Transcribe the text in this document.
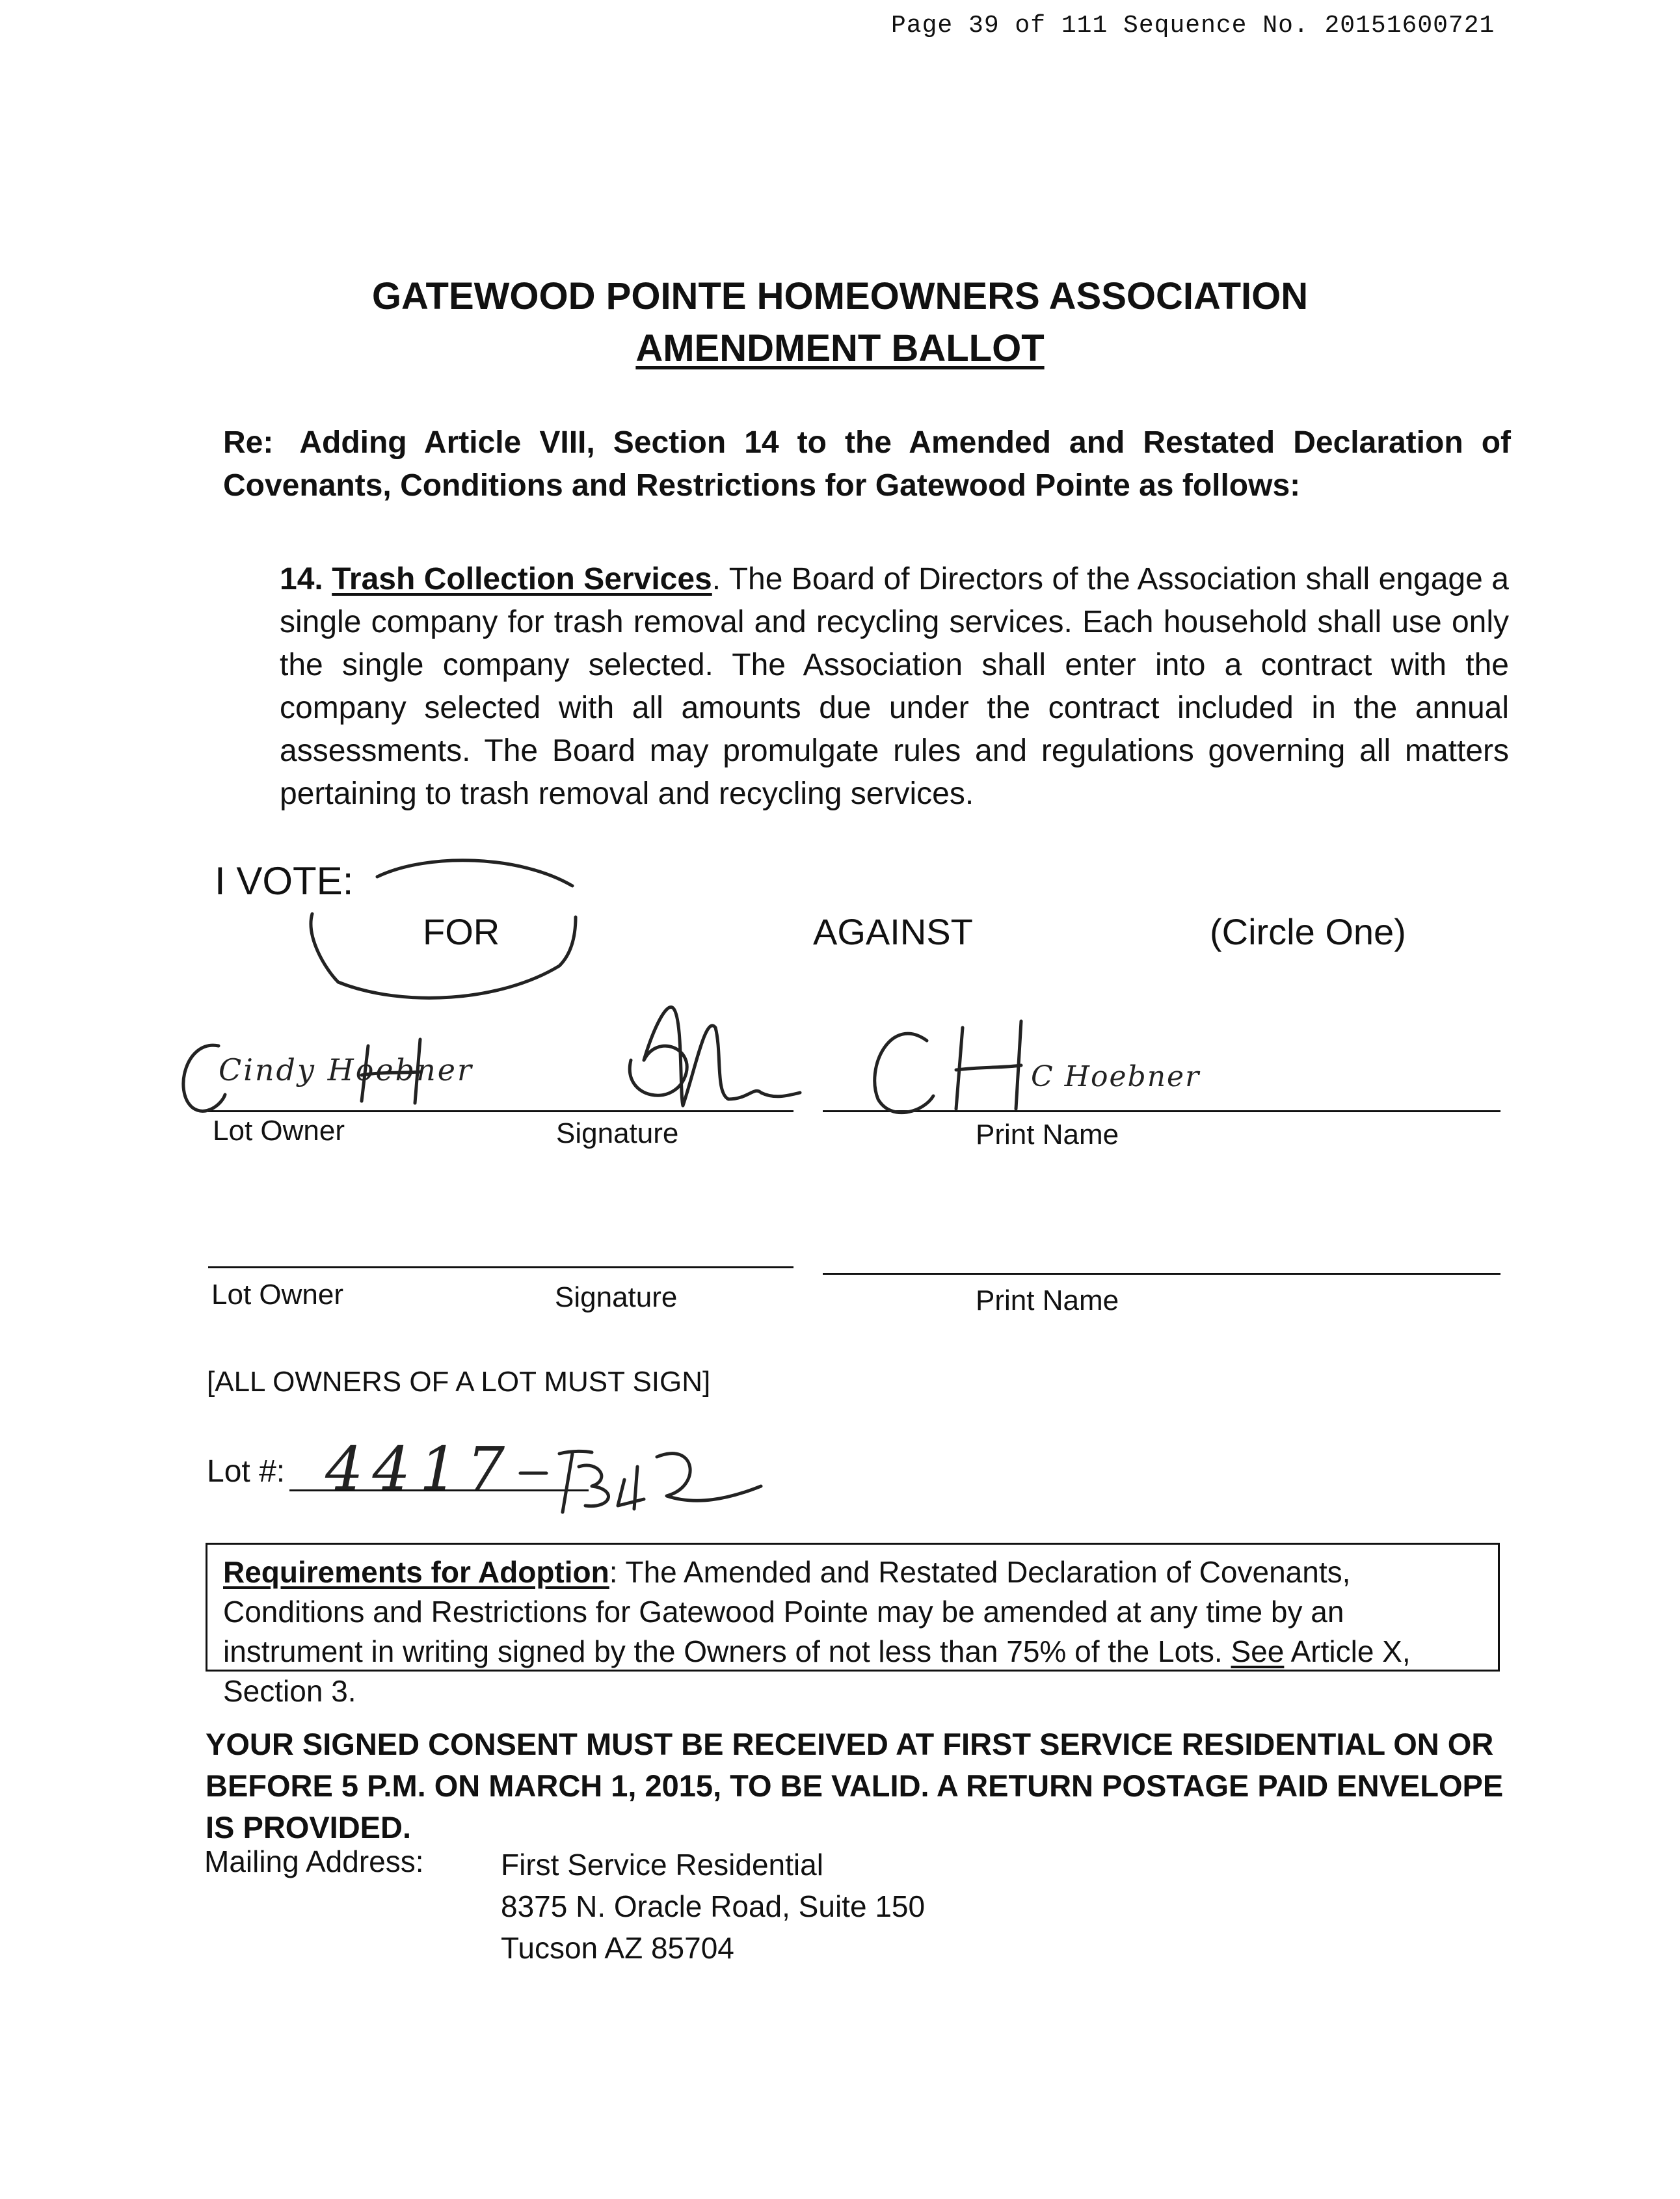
Page 39 of 111 Sequence No. 20151600721
GATEWOOD POINTE HOMEOWNERS ASSOCIATION
AMENDMENT BALLOT
Re: Adding Article VIII, Section 14 to the Amended and Restated Declaration of Covenants, Conditions and Restrictions for Gatewood Pointe as follows:
14. Trash Collection Services. The Board of Directors of the Association shall engage a single company for trash removal and recycling services. Each household shall use only the single company selected. The Association shall enter into a contract with the company selected with all amounts due under the contract included in the annual assessments. The Board may promulgate rules and regulations governing all matters pertaining to trash removal and recycling services.
I VOTE:
FOR	AGAINST	(Circle One)
Cindy Hoebner	C Hoebner
Lot Owner	Signature	Print Name
Lot Owner	Signature	Print Name
[ALL OWNERS OF A LOT MUST SIGN]
Lot #: 4417
Requirements for Adoption: The Amended and Restated Declaration of Covenants, Conditions and Restrictions for Gatewood Pointe may be amended at any time by an instrument in writing signed by the Owners of not less than 75% of the Lots. See Article X, Section 3.
YOUR SIGNED CONSENT MUST BE RECEIVED AT FIRST SERVICE RESIDENTIAL ON OR BEFORE 5 P.M. ON MARCH 1, 2015, TO BE VALID. A RETURN POSTAGE PAID ENVELOPE IS PROVIDED.
Mailing Address:	First Service Residential
8375 N. Oracle Road, Suite 150
Tucson AZ 85704
